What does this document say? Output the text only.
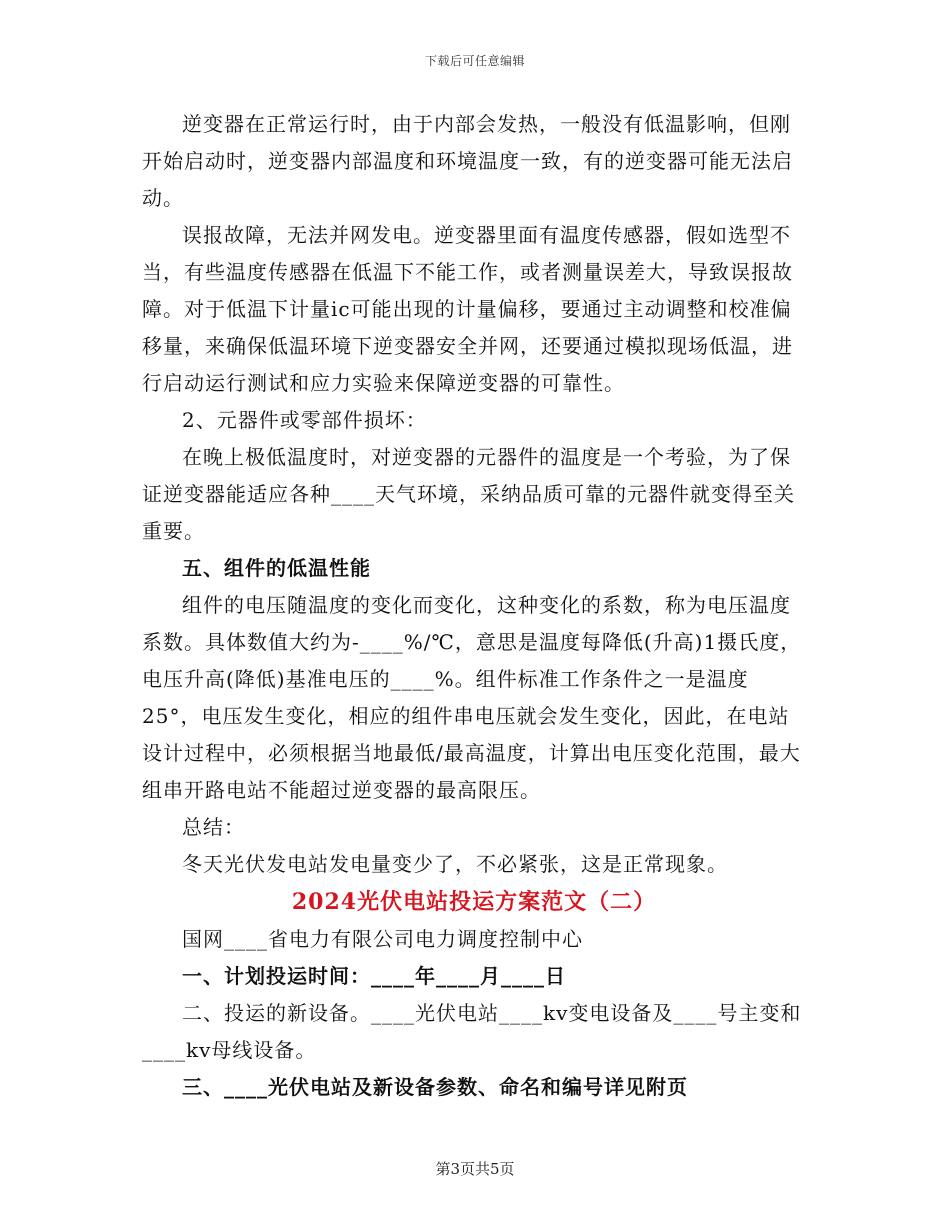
下载后可任意编辑

逆变器在正常运行时，由于内部会发热，一般没有低温影响，但刚开始启动时，逆变器内部温度和环境温度一致，有的逆变器可能无法启动。

误报故障，无法并网发电。逆变器里面有温度传感器，假如选型不当，有些温度传感器在低温下不能工作，或者测量误差大，导致误报故障。对于低温下计量ic可能出现的计量偏移，要通过主动调整和校准偏移量，来确保低温环境下逆变器安全并网，还要通过模拟现场低温，进行启动运行测试和应力实验来保障逆变器的可靠性。

2、元器件或零部件损坏：

在晚上极低温度时，对逆变器的元器件的温度是一个考验，为了保证逆变器能适应各种____天气环境，采纳品质可靠的元器件就变得至关重要。

五、组件的低温性能

组件的电压随温度的变化而变化，这种变化的系数，称为电压温度系数。具体数值大约为-____%/℃，意思是温度每降低(升高)1摄氏度，电压升高(降低)基准电压的____%。组件标准工作条件之一是温度25°，电压发生变化，相应的组件串电压就会发生变化，因此，在电站设计过程中，必须根据当地最低/最高温度，计算出电压变化范围，最大组串开路电站不能超过逆变器的最高限压。

总结：

冬天光伏发电站发电量变少了，不必紧张，这是正常现象。

2024光伏电站投运方案范文（二）

国网____省电力有限公司电力调度控制中心

一、计划投运时间：____年____月____日

二、投运的新设备。____光伏电站____kv变电设备及____号主变和____kv母线设备。

三、____光伏电站及新设备参数、命名和编号详见附页

第3页共5页
